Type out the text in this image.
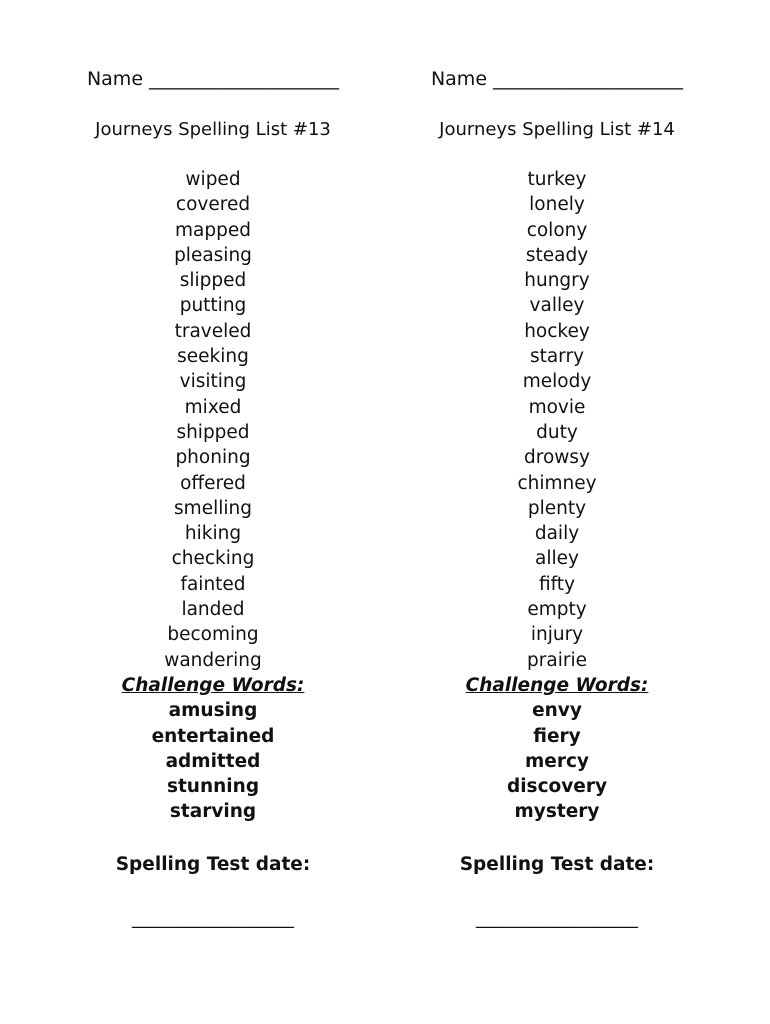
Name ____________________
Journeys Spelling List #13
wiped
covered
mapped
pleasing
slipped
putting
traveled
seeking
visiting
mixed
shipped
phoning
offered
smelling
hiking
checking
fainted
landed
becoming
wandering
Challenge Words:
amusing
entertained
admitted
stunning
starving
Spelling Test date:
__________________
Name ____________________
Journeys Spelling List #14
turkey
lonely
colony
steady
hungry
valley
hockey
starry
melody
movie
duty
drowsy
chimney
plenty
daily
alley
fifty
empty
injury
prairie
Challenge Words:
envy
fiery
mercy
discovery
mystery
Spelling Test date:
__________________
